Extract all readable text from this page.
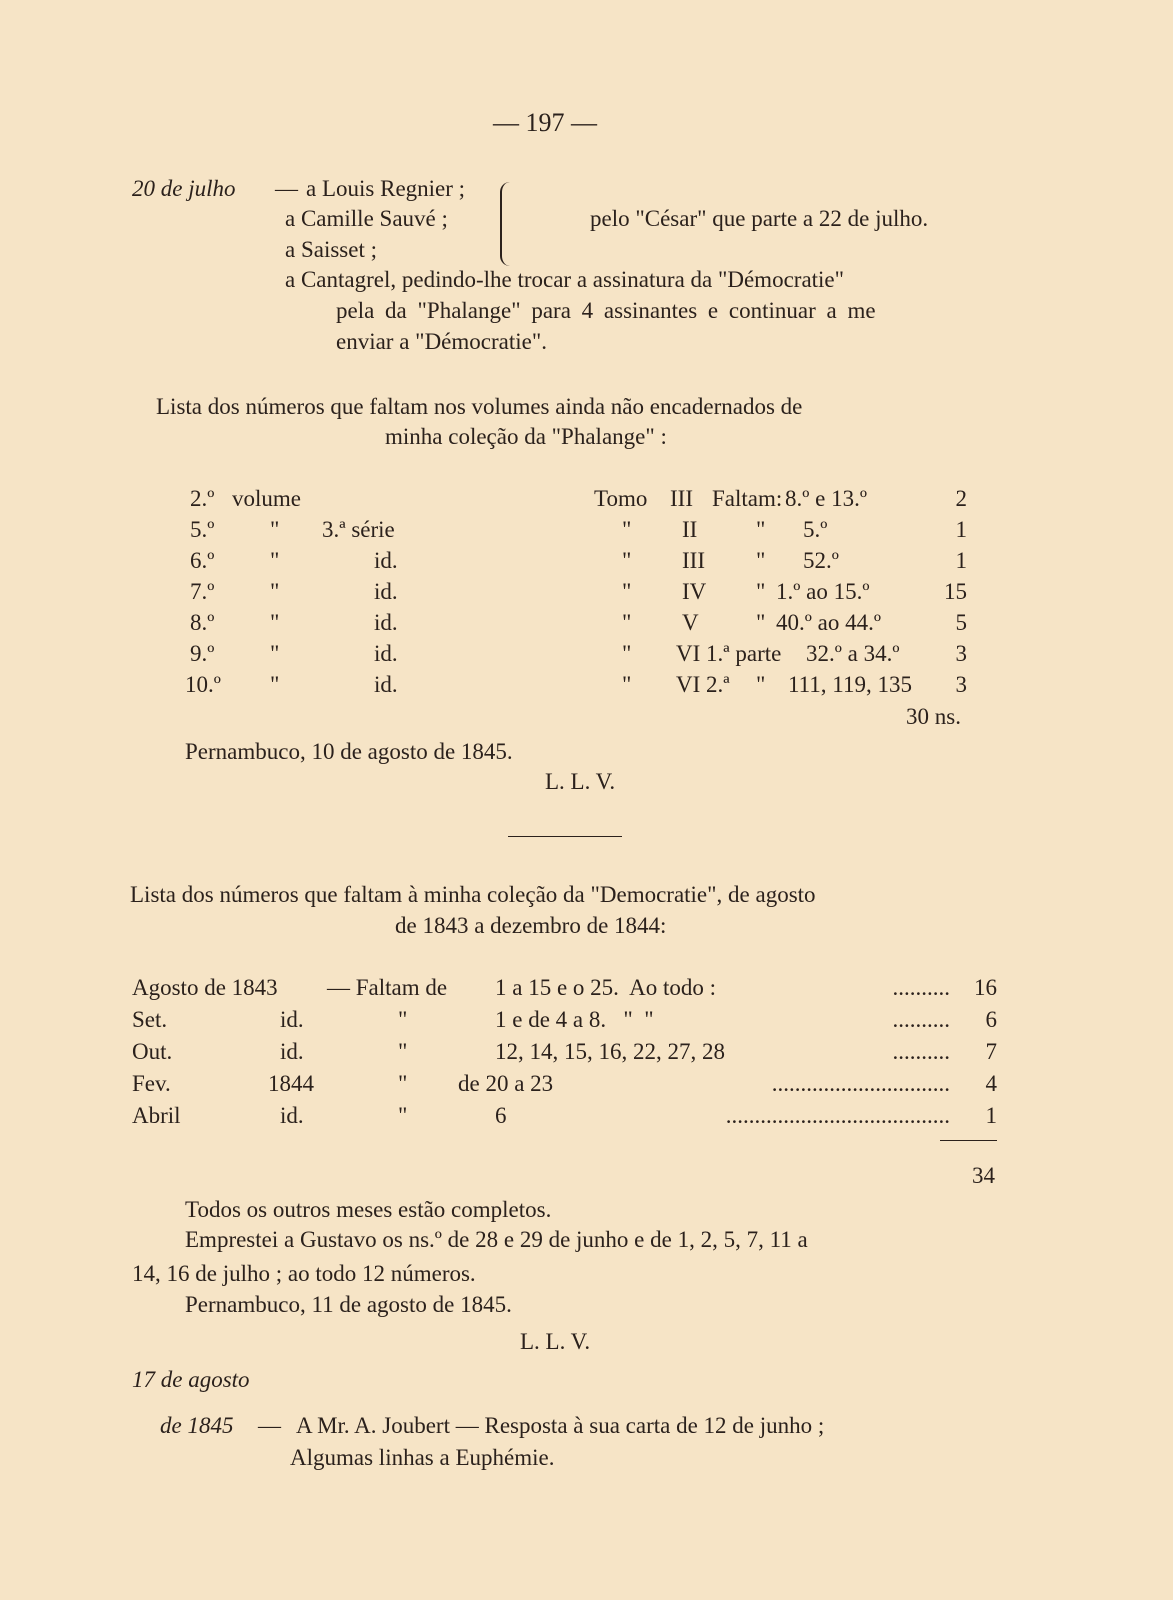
— 197 —
20 de julho — a Louis Regnier ;
a Camille Sauvé ;
a Saisset ;
pelo "César" que parte a 22 de julho.
a Cantagrel, pedindo-lhe trocar a assinatura da "Démocratie"
pela da "Phalange" para 4 assinantes e continuar a me
enviar a "Démocratie".
Lista dos números que faltam nos volumes ainda não encadernados de
minha coleção da "Phalange" :
2.º volume	Tomo III Faltam: 8.º e 13.º	2
5.º " 3.ª série	" II	" 5.º	1
6.º "	id.	" III " 52.º	1
7.º "	id.	" IV " 1.º ao 15.º	15
8.º "	id.	" V " 40.º ao 44.º	5
9.º "	id.	" VI 1.ª parte 32.º a 34.º 3
10.º "	id.	" VI 2.ª " 111, 119, 135 3
30 ns.
Pernambuco, 10 de agosto de 1845.
L. L. V.
Lista dos números que faltam à minha coleção da "Democratie", de agosto
de 1843 a dezembro de 1844:
Agosto de 1843 — Faltam de 1 a 15 e o 25.  Ao todo :	.......... 16
Set.	id.	"	1 e de 4 a 8.   "  "	.......... 6
Out.	id.	"	12, 14, 15, 16, 22, 27, 28	.......... 7
Fev.	1844	" de 20 a 23	............................... 4
Abril	id.	"	6	....................................... 1
34
Todos os outros meses estão completos.
Emprestei a Gustavo os ns.º de 28 e 29 de junho e de 1, 2, 5, 7, 11 a
14, 16 de julho ; ao todo 12 números.
Pernambuco, 11 de agosto de 1845.
L. L. V.
17 de agosto
de 1845 — A Mr. A. Joubert — Resposta à sua carta de 12 de junho ;
Algumas linhas a Euphémie.
